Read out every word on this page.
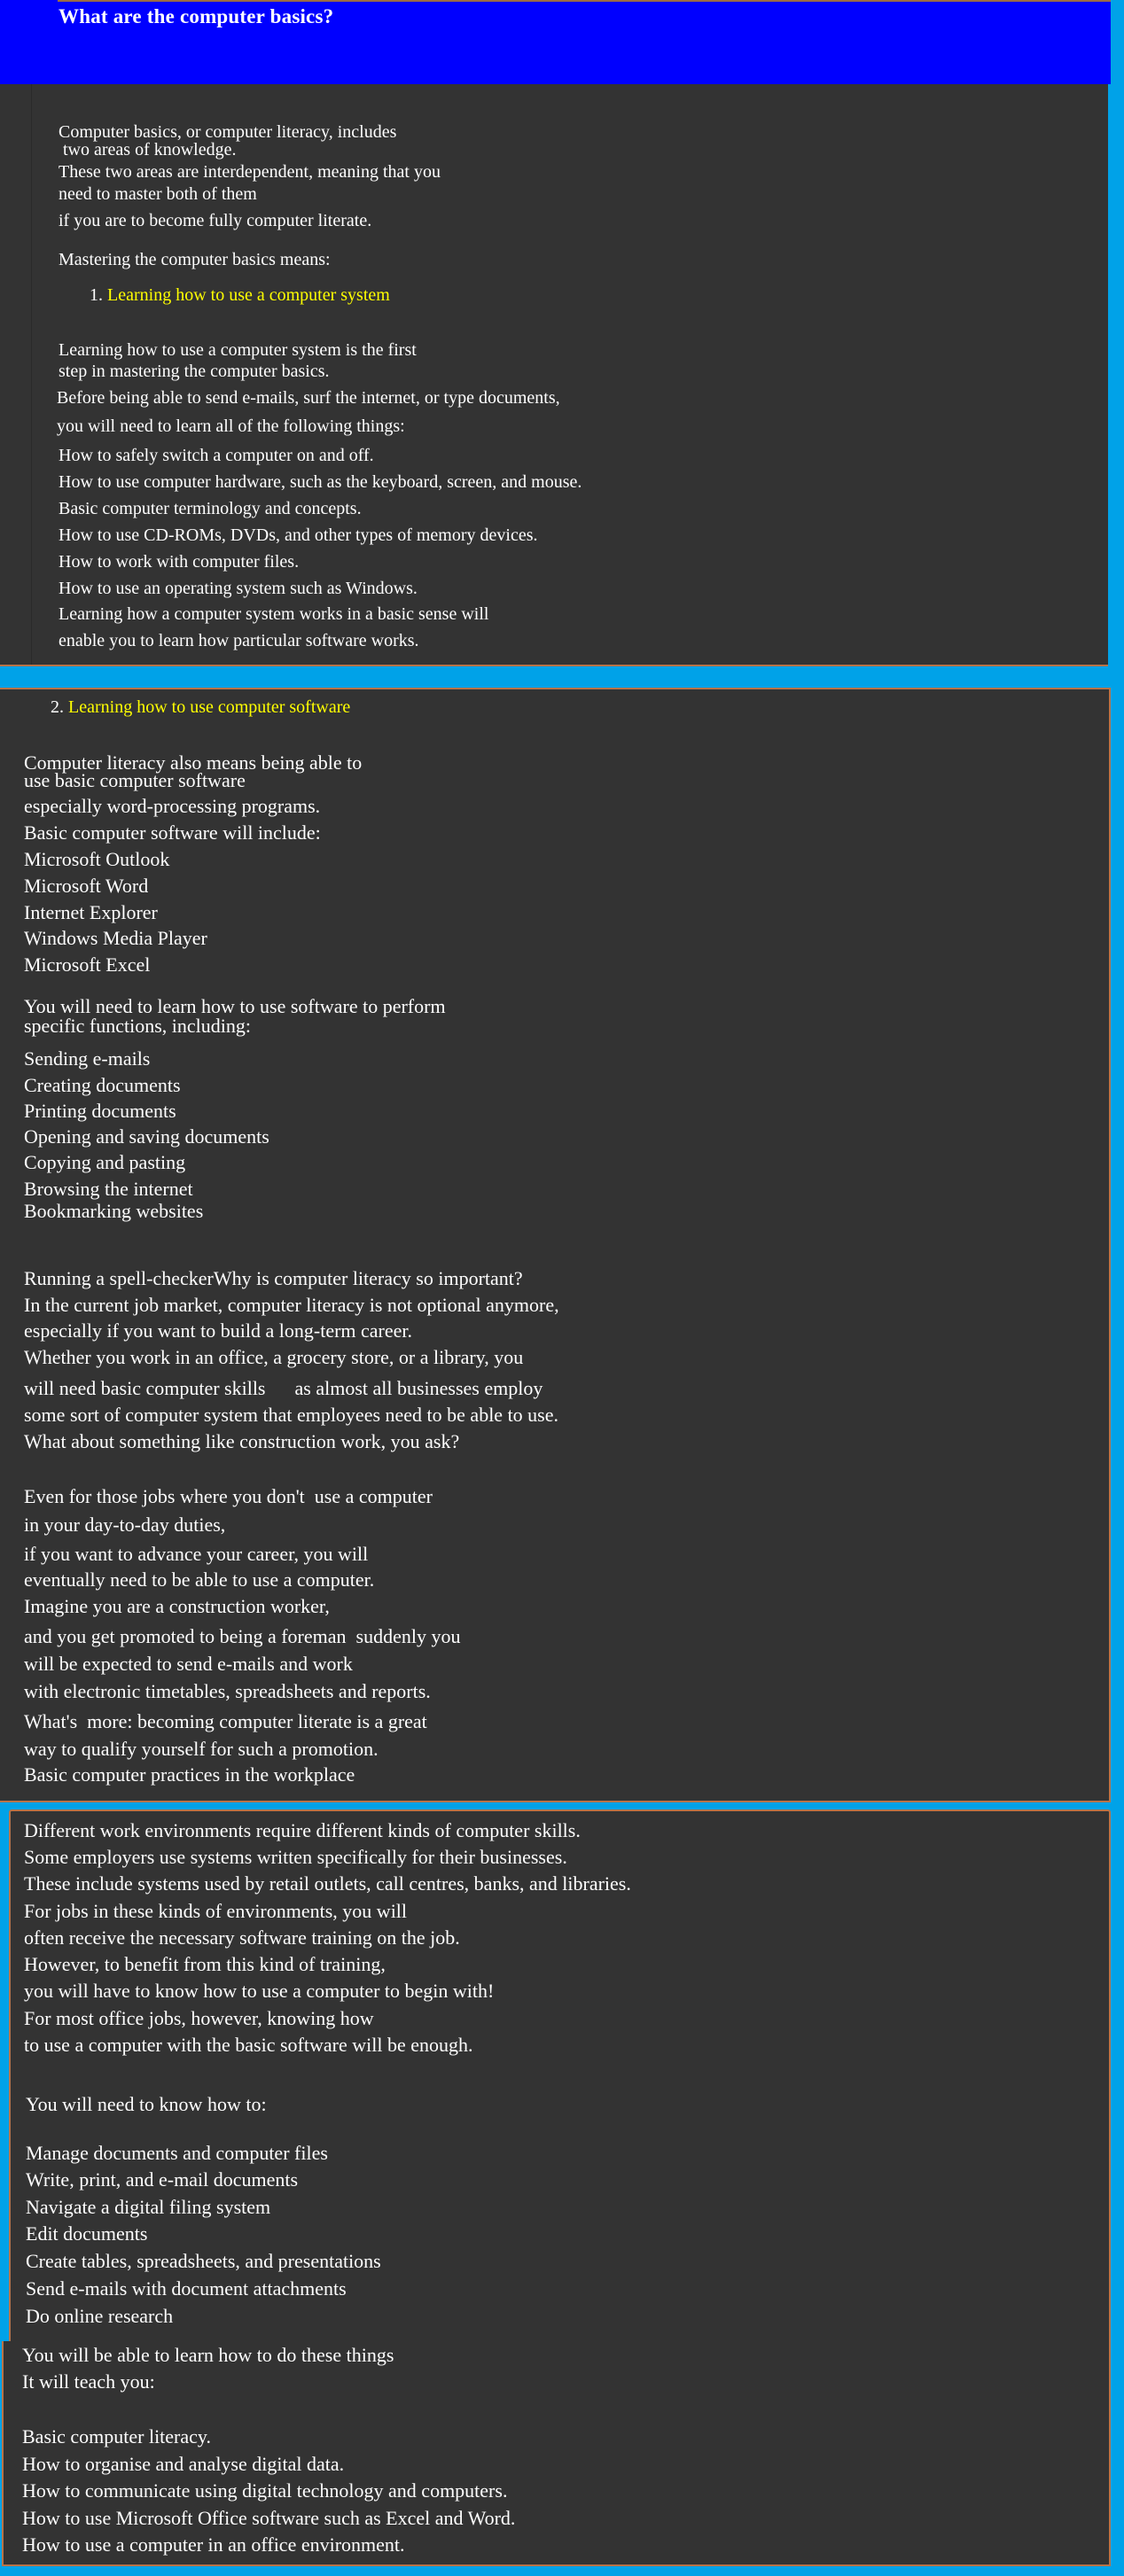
What are the computer basics?
Computer basics, or computer literacy, includes
two areas of knowledge.
These two areas are interdependent, meaning that you
need to master both of them
if you are to become fully computer literate.
Mastering the computer basics means:
1. Learning how to use a computer system
Learning how to use a computer system is the first
step in mastering the computer basics.
Before being able to send e-mails, surf the internet, or type documents,
you will need to learn all of the following things:
How to safely switch a computer on and off.
How to use computer hardware, such as the keyboard, screen, and mouse.
Basic computer terminology and concepts.
How to use CD-ROMs, DVDs, and other types of memory devices.
How to work with computer files.
How to use an operating system such as Windows.
Learning how a computer system works in a basic sense will
enable you to learn how particular software works.
2. Learning how to use computer software
Computer literacy also means being able to
use basic computer software
especially word-processing programs.
Basic computer software will include:
Microsoft Outlook
Microsoft Word
Internet Explorer
Windows Media Player
Microsoft Excel
You will need to learn how to use software to perform
specific functions, including:
Sending e-mails
Creating documents
Printing documents
Opening and saving documents
Copying and pasting
Browsing the internet
Bookmarking websites
Running a spell-checkerWhy is computer literacy so important?
In the current job market, computer literacy is not optional anymore,
especially if you want to build a long-term career.
Whether you work in an office, a grocery store, or a library, you
will need basic computer skills      as almost all businesses employ
some sort of computer system that employees need to be able to use.
What about something like construction work, you ask?
Even for those jobs where you don't  use a computer
in your day-to-day duties,
if you want to advance your career, you will
eventually need to be able to use a computer.
Imagine you are a construction worker,
and you get promoted to being a foreman  suddenly you
will be expected to send e-mails and work
with electronic timetables, spreadsheets and reports.
What's  more: becoming computer literate is a great
way to qualify yourself for such a promotion.
Basic computer practices in the workplace
Different work environments require different kinds of computer skills.
Some employers use systems written specifically for their businesses.
These include systems used by retail outlets, call centres, banks, and libraries.
For jobs in these kinds of environments, you will
often receive the necessary software training on the job.
However, to benefit from this kind of training,
you will have to know how to use a computer to begin with!
For most office jobs, however, knowing how
to use a computer with the basic software will be enough.
You will need to know how to:
Manage documents and computer files
Write, print, and e-mail documents
Navigate a digital filing system
Edit documents
Create tables, spreadsheets, and presentations
Send e-mails with document attachments
Do online research
You will be able to learn how to do these things
It will teach you:
Basic computer literacy.
How to organise and analyse digital data.
How to communicate using digital technology and computers.
How to use Microsoft Office software such as Excel and Word.
How to use a computer in an office environment.
